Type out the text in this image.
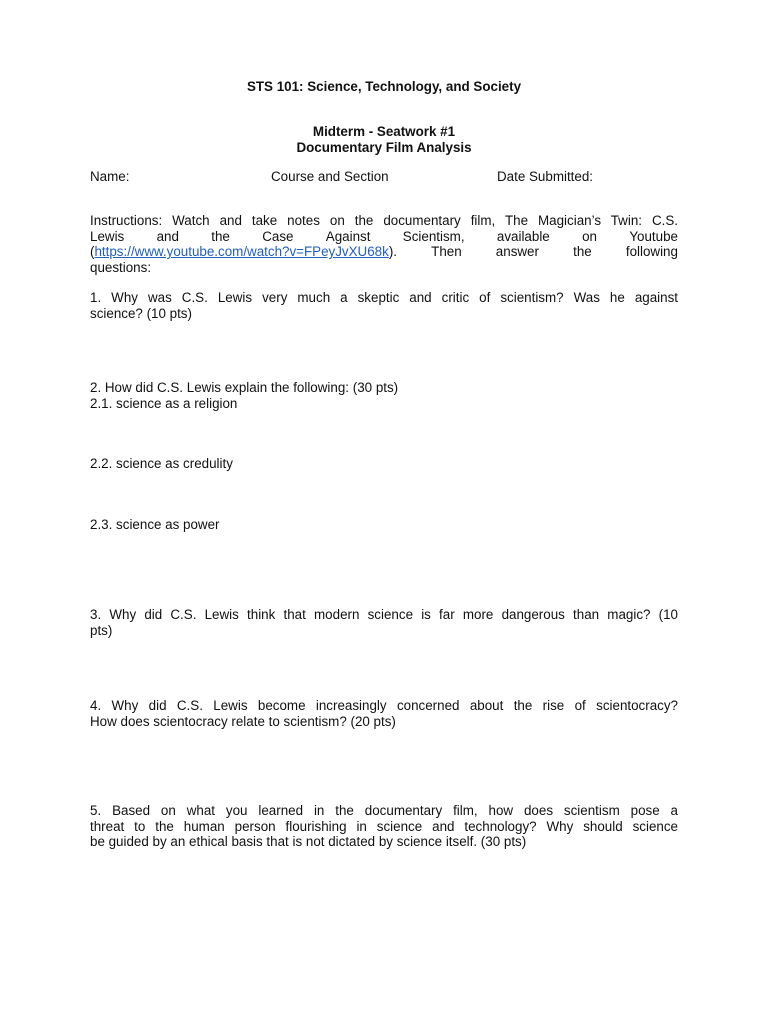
STS 101: Science, Technology, and Society
Midterm - Seatwork #1
Documentary Film Analysis
Name:	Course and Section	Date Submitted:
Instructions: Watch and take notes on the documentary film, The Magician’s Twin: C.S.
Lewis and the Case Against Scientism, available on Youtube
(https://www.youtube.com/watch?v=FPeyJvXU68k).	Then	answer	the	following
questions:
1. Why was C.S. Lewis very much a skeptic and critic of scientism? Was he against
science? (10 pts)
2. How did C.S. Lewis explain the following: (30 pts)
2.1. science as a religion
2.2. science as credulity
2.3. science as power
3. Why did C.S. Lewis think that modern science is far more dangerous than magic? (10
pts)
4. Why did C.S. Lewis become increasingly concerned about the rise of scientocracy?
How does scientocracy relate to scientism? (20 pts)
5. Based on what you learned in the documentary film, how does scientism pose a
threat to the human person flourishing in science and technology? Why should science
be guided by an ethical basis that is not dictated by science itself. (30 pts)
